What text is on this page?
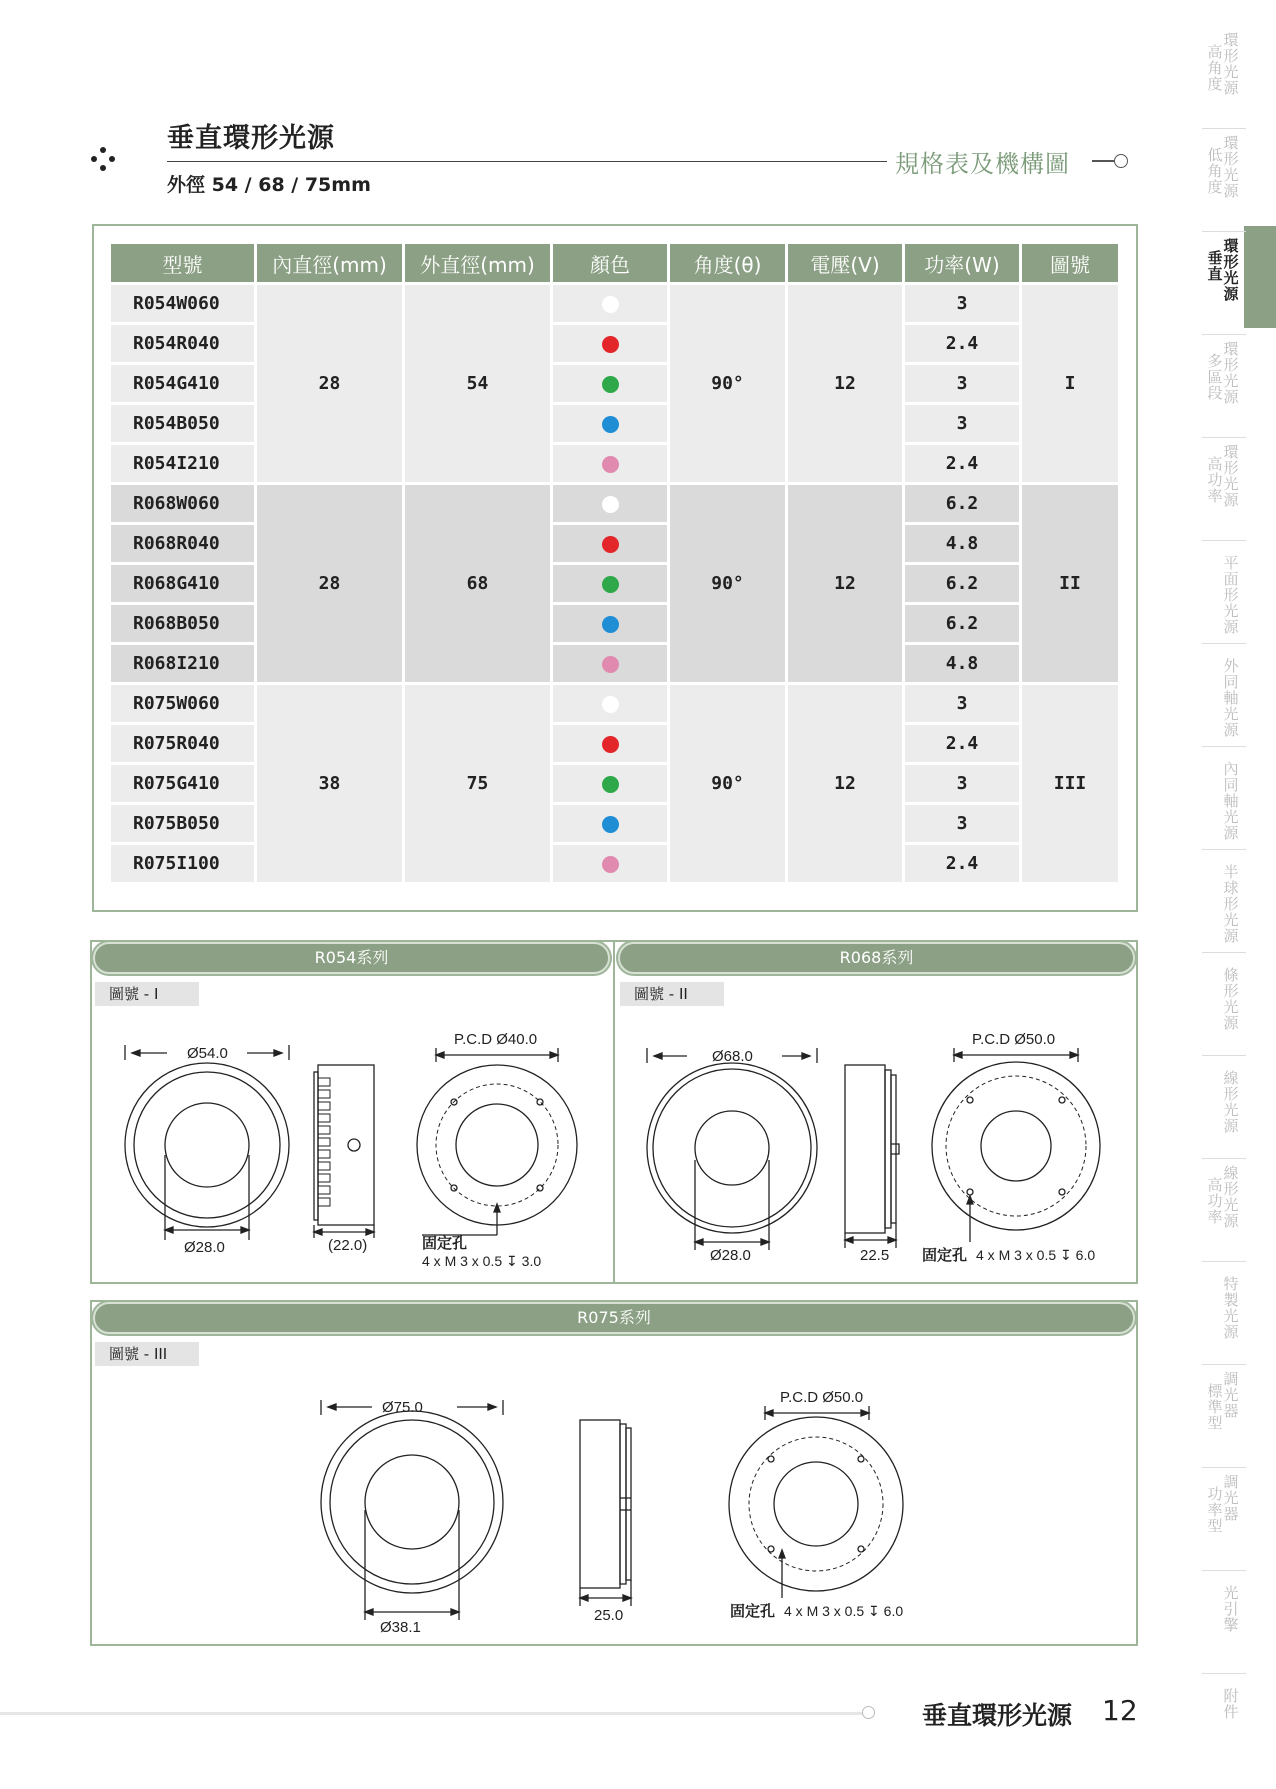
垂直環形光源
外徑 54 / 68 / 75mm
規格表及機構圖
型號	內直徑(mm)	外直徑(mm)	顏色	角度(θ)	電壓(V)	功率(W)	圖號
R054W060	28	54		90°	12	3	I
R054R040						2.4	
R054G410						3	
R054B050						3	
R054I210						2.4	
R068W060	28	68		90°	12	6.2	II
R068R040						4.8	
R068G410						6.2	
R068B050						6.2	
R068I210						4.8	
R075W060	38	75		90°	12	3	III
R075R040						2.4	
R075G410						3	
R075B050						3	
R075I100						2.4	
R054系列	R068系列
圖號 - I	圖號 - II
Ø54.0
Ø28.0	(22.0)
P.C.D Ø40.0
固定孔
4 x M 3 x 0.5 ↧ 3.0
Ø68.0
Ø28.0	22.5
P.C.D Ø50.0
固定孔 4 x M 3 x 0.5 ↧ 6.0
R075系列
圖號 - III
Ø75.0
Ø38.1
25.0
P.C.D Ø50.0
固定孔 4 x M 3 x 0.5 ↧ 6.0
環形光源
高角度
環形光源
低角度
環形光源
垂直
環形光源
多區段
環形光源
高功率
平面形光源
外同軸光源
內同軸光源
半球形光源
條形光源
線形光源
線形光源
高功率
特製光源
調光器
標準型
調光器
功率型
光引擎
附件
垂直環形光源 12
